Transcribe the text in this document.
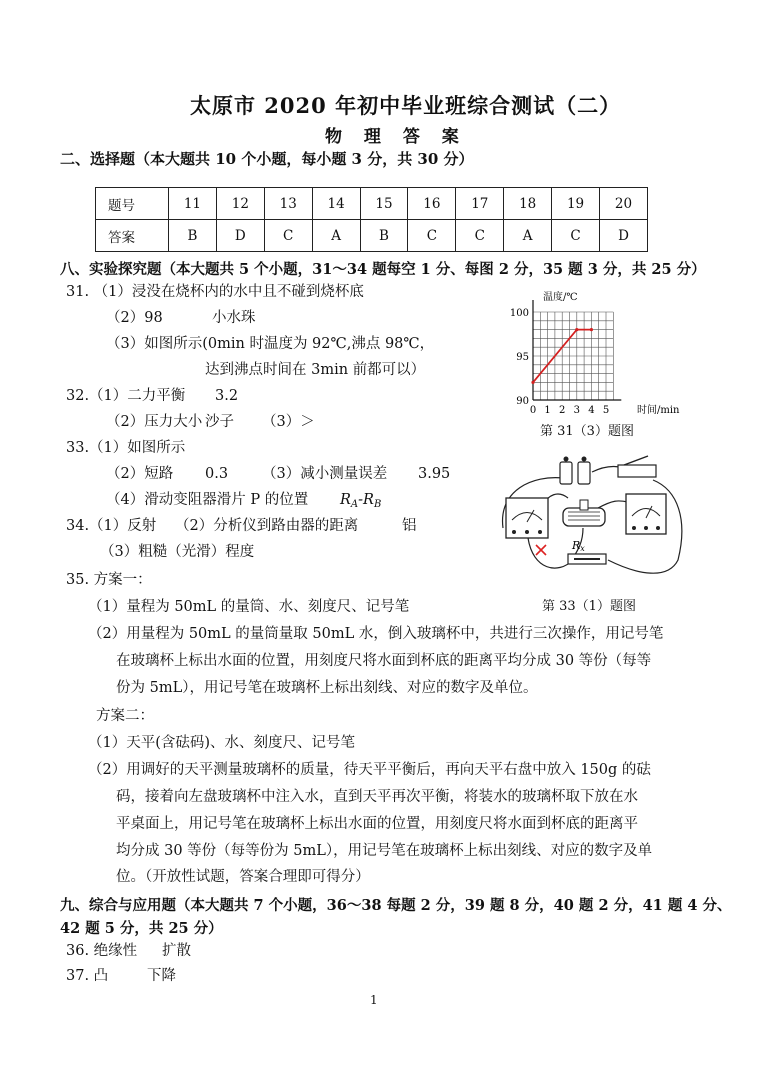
太原市 2020 年初中毕业班综合测试（二）
物 理 答 案
二、选择题（本大题共 10 个小题，每小题 3 分，共 30 分）
题号	11	12	13	14	15	16	17	18	19	20
答案	B	D	C	A	B	C	C	A	C	D
八、实验探究题（本大题共 5 个小题，31～34 题每空 1 分、每图 2 分，35 题 3 分，共 25 分）
31. （1）浸没在烧杯内的水中且不碰到烧杯底
（2）98	小水珠
（3）如图所示(0min 时温度为 92℃,沸点 98℃，
达到沸点时间在 3min 前都可以）
32.（1）二力平衡 3.2
（2）压力大小 沙子 （3）＞
33.（1）如图所示
（2）短路 0.3 （3）减小测量误差 3.95
（4）滑动变阻器滑片 P 的位置 $R_A-R_B$
34.（1）反射 （2）分析仪到路由器的距离	铝
（3）粗糙（光滑）程度
35. 方案一：
（1）量程为 50mL 的量筒、水、刻度尺、记号笔
（2）用量程为 50mL 的量筒量取 50mL 水，倒入玻璃杯中，共进行三次操作，用记号笔
在玻璃杯上标出水面的位置，用刻度尺将水面到杯底的距离平均分成 30 等份（每等
份为 5mL），用记号笔在玻璃杯上标出刻线、对应的数字及单位。
方案二：
（1）天平(含砝码)、水、刻度尺、记号笔
（2）用调好的天平测量玻璃杯的质量，待天平平衡后，再向天平右盘中放入 150g 的砝
码，接着向左盘玻璃杯中注入水，直到天平再次平衡，将装水的玻璃杯取下放在水
平桌面上，用记号笔在玻璃杯上标出水面的位置，用刻度尺将水面到杯底的距离平
均分成 30 等份（每等份为 5mL），用记号笔在玻璃杯上标出刻线、对应的数字及单
位。（开放性试题，答案合理即可得分）
九、综合与应用题（本大题共 7 个小题，36～38 每题 2 分，39 题 8 分，40 题 2 分，41 题 4 分、
42 题 5 分，共 25 分）
36. 绝缘性 扩散
37. 凸	下降
1
100
95
90
0 1 2 3 4 5
温度/℃
时间/min
第 31（3）题图
Rx
第 33（1）题图
